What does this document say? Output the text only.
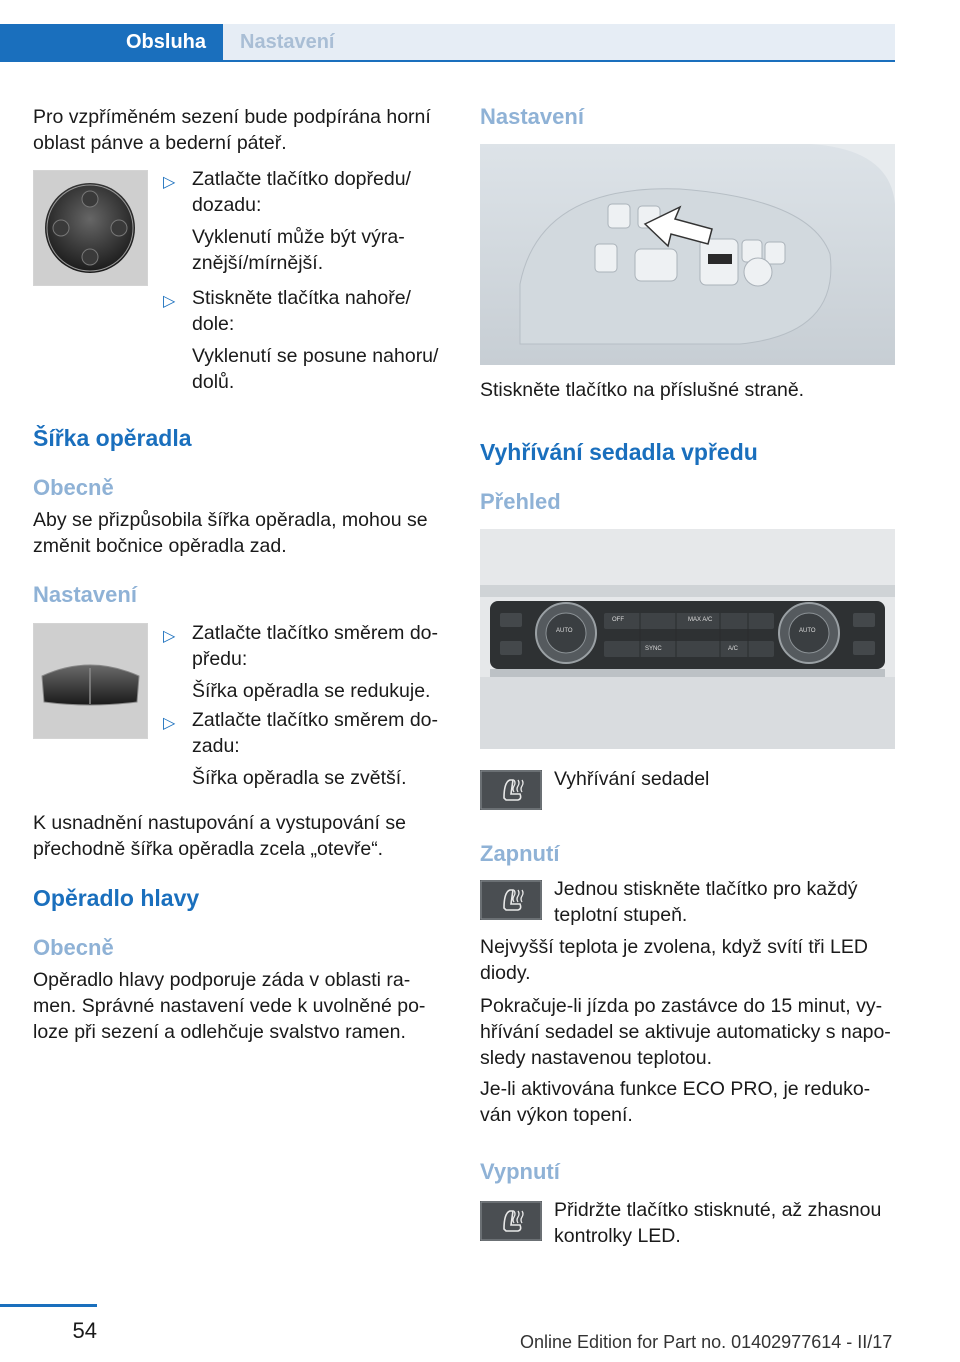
Obsluha	Nastavení
Pro vzpříměném sezení bude podpírána horní
oblast pánve a bederní páteř.
▷ Zatlačte tlačítko dopředu/
dozadu:
Vyklenutí může být výra‐
znější/mírnější.
▷ Stiskněte tlačítka nahoře/
dole:
Vyklenutí se posune nahoru/
dolů.
Šířka opěradla
Obecně
Aby se přizpůsobila šířka opěradla, mohou se
změnit bočnice opěradla zad.
Nastavení
▷ Zatlačte tlačítko směrem do‐
předu:
Šířka opěradla se redukuje.
▷ Zatlačte tlačítko směrem do‐
zadu:
Šířka opěradla se zvětší.
K usnadnění nastupování a vystupování se
přechodně šířka opěradla zcela „otevře“.
Opěradlo hlavy
Obecně
Opěradlo hlavy podporuje záda v oblasti ra‐
men. Správné nastavení vede k uvolněné po‐
loze při sezení a odlehčuje svalstvo ramen.
Nastavení
Stiskněte tlačítko na příslušné straně.
Vyhřívání sedadla vpředu
Přehled
AUTO	AUTO
OFF	MAX A/C
SYNC	A/C
Vyhřívání sedadel
Zapnutí
Jednou stiskněte tlačítko pro každý
teplotní stupeň.
Nejvyšší teplota je zvolena, když svítí tři LED
diody.
Pokračuje-li jízda po zastávce do 15 minut, vy‐
hřívání sedadel se aktivuje automaticky s napo‐
sledy nastavenou teplotou.
Je-li aktivována funkce ECO PRO, je reduko‐
ván výkon topení.
Vypnutí
Přidržte tlačítko stisknuté, až zhasnou
kontrolky LED.
54	Online Edition for Part no. 01402977614 - II/17
